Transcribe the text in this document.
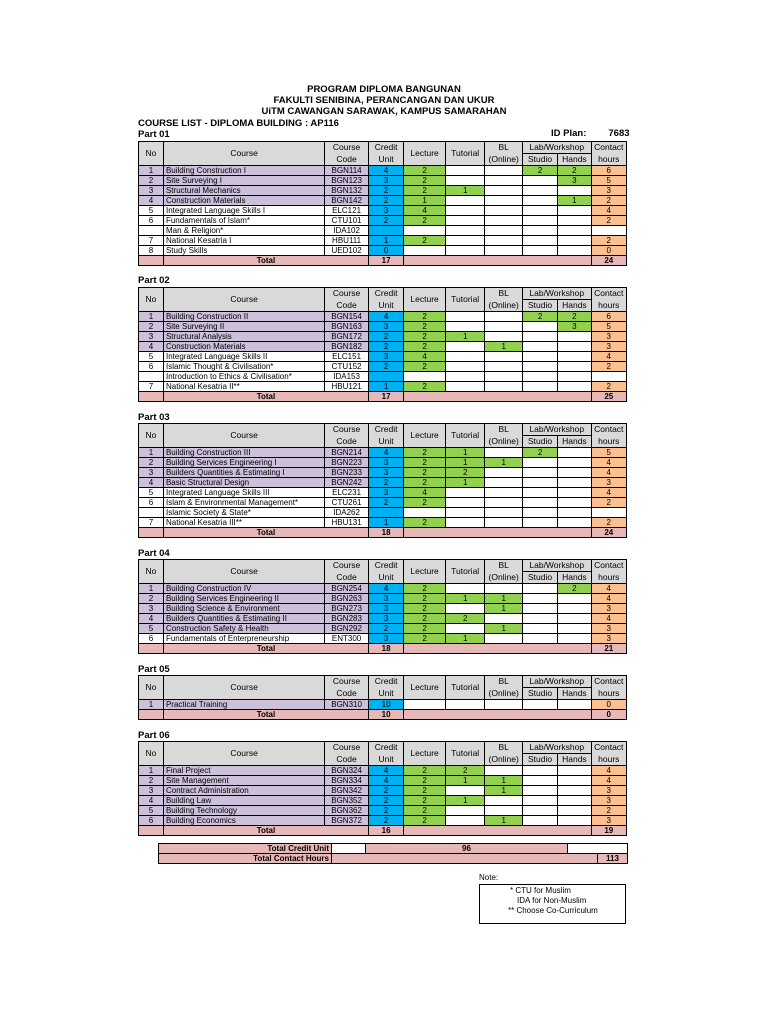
PROGRAM DIPLOMA BANGUNAN
FAKULTI SENIBINA, PERANCANGAN DAN UKUR
UiTM CAWANGAN SARAWAK, KAMPUS SAMARAHAN
COURSE LIST - DIPLOMA BUILDING : AP116
ID Plan: 7683
Part 01
No	Course	Course	Credit	Lecture	Tutorial	BL	Lab/Workshop		Contact
		Code	Unit			(Online)	Studio	Hands	hours
1	Building Construction I	BGN114	4	2			2	2	6
2	Site Surveying I	BGN123	3	2				3	5
3	Structural Mechanics	BGN132	2	2	1				3
4	Construction Materials	BGN142	2	1				1	2
5	Integrated Language Skills I	ELC121	3	4					4
6	Fundamentals of Islam*	CTU101	2	2					2
	Man & Religion*	IDA102							
7	National Kesatria I	HBU111	1	2					2
8	Study Skills	UED102	0						0
	Total		17						24
Part 02
No	Course	Course	Credit	Lecture	Tutorial	BL	Lab/Workshop		Contact
		Code	Unit			(Online)	Studio	Hands	hours
1	Building Construction II	BGN154	4	2			2	2	6
2	Site Surveying II	BGN163	3	2				3	5
3	Structural Analysis	BGN172	2	2	1				3
4	Construction Materials	BGN182	2	2		1			3
5	Integrated Language Skills II	ELC151	3	4					4
6	Islamic Thought & Civilisation*	CTU152	2	2					2
	Introduction to Ethics & Civilisation*	IDA153							
7	National Kesatria II**	HBU121	1	2					2
	Total		17						25
Part 03
No	Course	Course	Credit	Lecture	Tutorial	BL	Lab/Workshop		Contact
		Code	Unit			(Online)	Studio	Hands	hours
1	Building Construction III	BGN214	4	2	1		2		5
2	Building Services Engineering I	BGN223	3	2	1	1			4
3	Builders Quantities & Estimating I	BGN233	3	2	2				4
4	Basic Structural Design	BGN242	2	2	1				3
5	Integrated Language Skills III	ELC231	3	4					4
6	Islam & Environmental Management*	CTU261	2	2					2
	Islamic Society & State*	IDA262							
7	National Kesatria III**	HBU131	1	2					2
	Total		18						24
Part 04
No	Course	Course	Credit	Lecture	Tutorial	BL	Lab/Workshop		Contact
		Code	Unit			(Online)	Studio	Hands	hours
1	Building Construction IV	BGN254	4	2				2	4
2	Building Services Engineering II	BGN263	3	2	1	1			4
3	Building Science & Environment	BGN273	3	2		1			3
4	Builders Quantities & Estimating II	BGN283	3	2	2				4
5	Construction Safety & Health	BGN292	2	2		1			3
6	Fundamentals of Enterpreneurship	ENT300	3	2	1				3
	Total		18						21
Part 05
No	Course	Course	Credit	Lecture	Tutorial	BL	Lab/Workshop		Contact
		Code	Unit			(Online)	Studio	Hands	hours
1	Practical Training	BGN310	10						0
	Total		10						0
Part 06
No	Course	Course	Credit	Lecture	Tutorial	BL	Lab/Workshop		Contact
		Code	Unit			(Online)	Studio	Hands	hours
1	Final Project	BGN324	4	2	2				4
2	Site Management	BGN334	4	2	1	1			4
3	Contract Administration	BGN342	2	2		1			3
4	Building Law	BGN352	2	2	1				3
5	Building Technology	BGN362	2	2					2
6	Building Economics	BGN372	2	2		1			3
	Total		16						19
Total Credit Unit		96		
Total Contact Hours				113
Note:
* CTU for Muslim
IDA for Non-Muslim
** Choose Co-Curriculum
